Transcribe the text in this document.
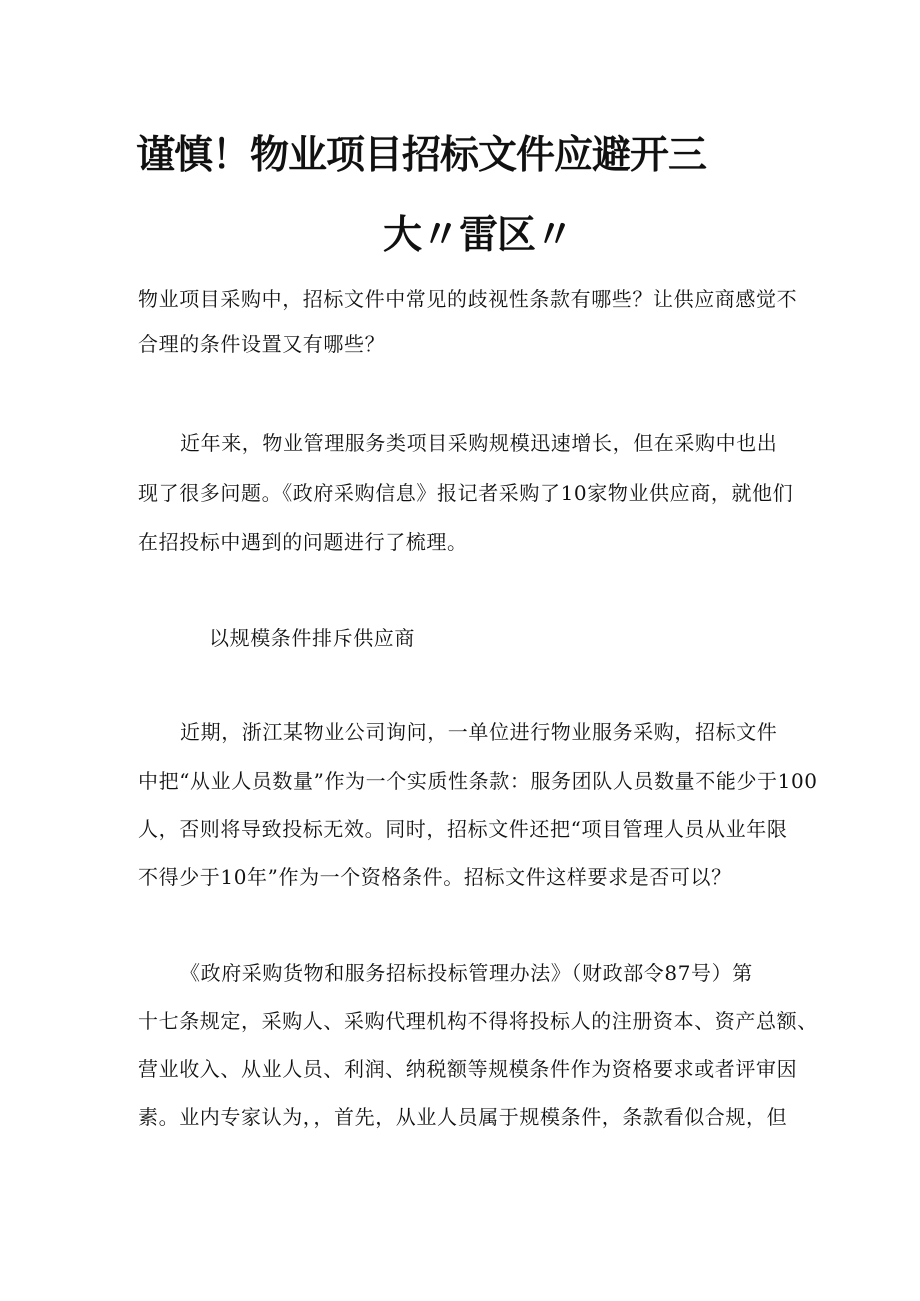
谨慎！物业项目招标文件应避开三
大〃雷区〃

物业项目采购中，招标文件中常见的歧视性条款有哪些？让供应商感觉不

合理的条件设置又有哪些？

近年来，物业管理服务类项目采购规模迅速增长，但在采购中也出

现了很多问题。《政府采购信息》报记者采购了10家物业供应商，就他们

在招投标中遇到的问题进行了梳理。

以规模条件排斥供应商

近期，浙江某物业公司询问，一单位进行物业服务采购，招标文件

中把“从业人员数量”作为一个实质性条款：服务团队人员数量不能少于100

人，否则将导致投标无效。同时，招标文件还把“项目管理人员从业年限

不得少于10年”作为一个资格条件。招标文件这样要求是否可以？

《政府采购货物和服务招标投标管理办法》（财政部令87号）第

十七条规定，采购人、采购代理机构不得将投标人的注册资本、资产总额、

营业收入、从业人员、利润、纳税额等规模条件作为资格要求或者评审因

素。业内专家认为，，首先，从业人员属于规模条件，条款看似合规，但
